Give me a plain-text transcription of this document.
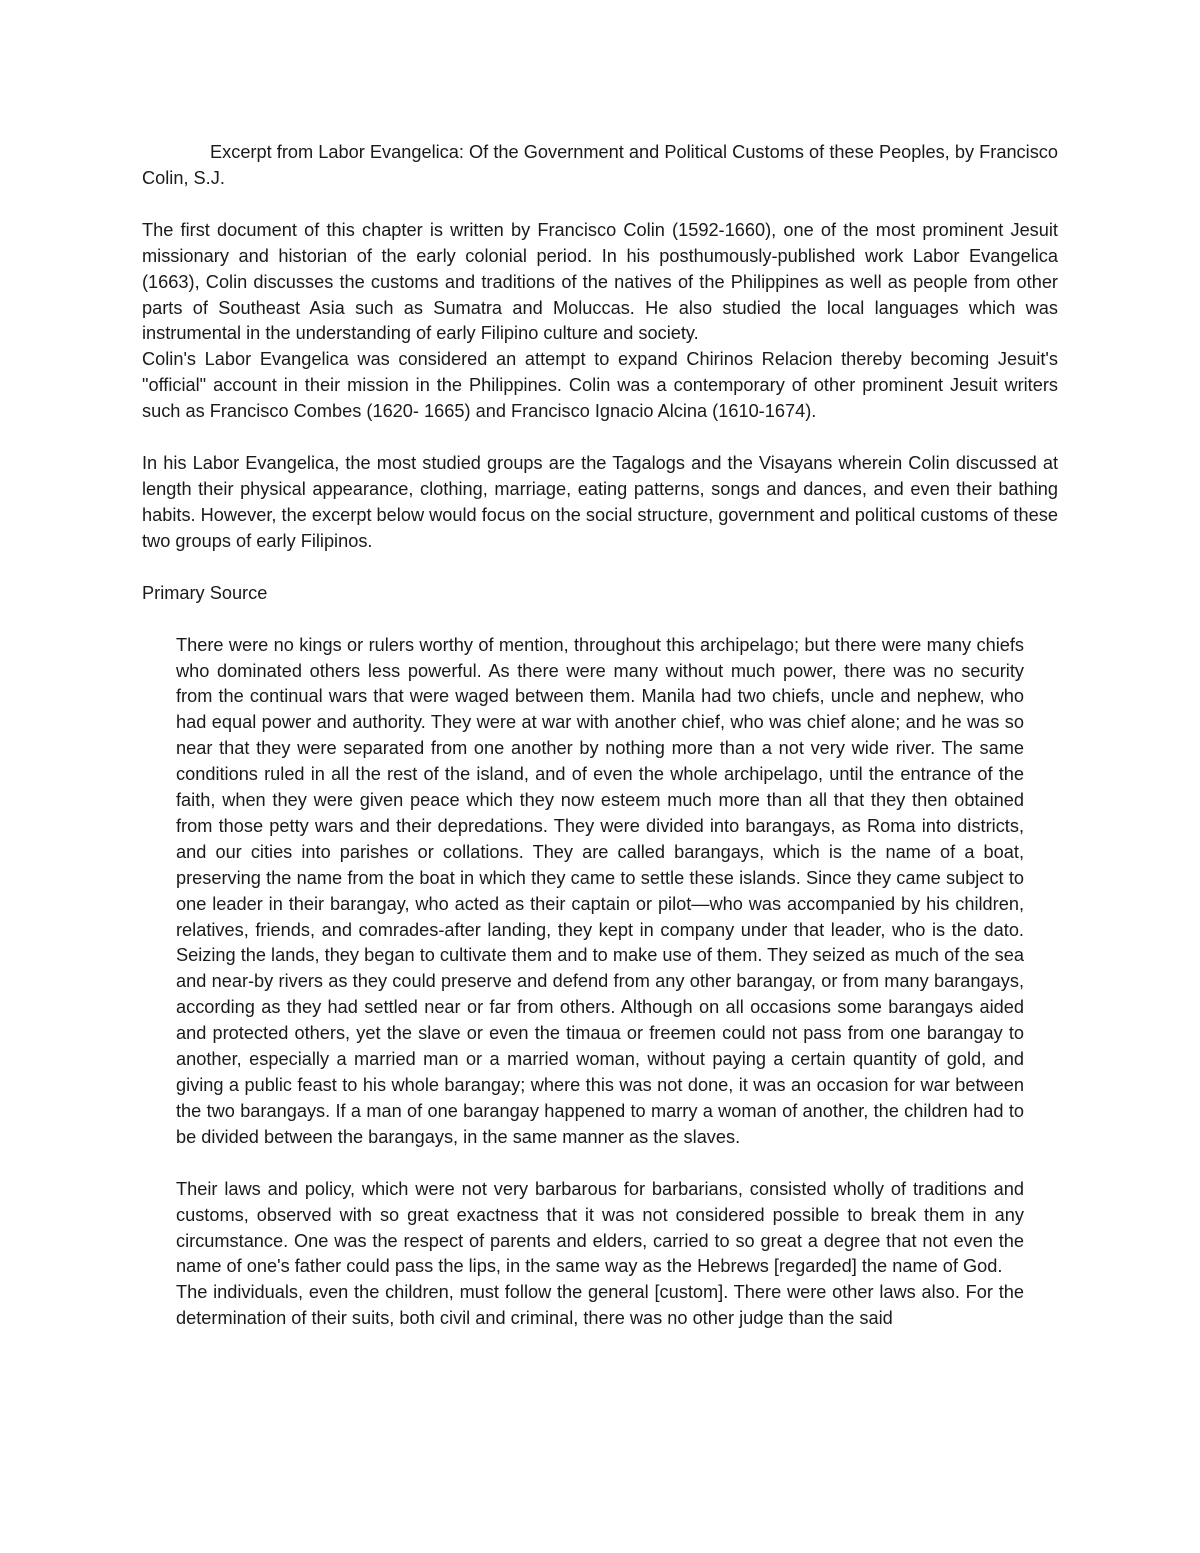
Excerpt from Labor Evangelica: Of the Government and Political Customs of these Peoples, by Francisco Colin, S.J.

The first document of this chapter is written by Francisco Colin (1592-1660), one of the most prominent Jesuit missionary and historian of the early colonial period. In his posthumously-published work Labor Evangelica (1663), Colin discusses the customs and traditions of the natives of the Philippines as well as people from other parts of Southeast Asia such as Sumatra and Moluccas. He also studied the local languages which was instrumental in the understanding of early Filipino culture and society.

Colin's Labor Evangelica was considered an attempt to expand Chirinos Relacion thereby becoming Jesuit's "official" account in their mission in the Philippines. Colin was a contemporary of other prominent Jesuit writers such as Francisco Combes (1620- 1665) and Francisco Ignacio Alcina (1610-1674).

In his Labor Evangelica, the most studied groups are the Tagalogs and the Visayans wherein Colin discussed at length their physical appearance, clothing, marriage, eating patterns, songs and dances, and even their bathing habits. However, the excerpt below would focus on the social structure, government and political customs of these two groups of early Filipinos.

Primary Source

There were no kings or rulers worthy of mention, throughout this archipelago; but there were many chiefs who dominated others less powerful. As there were many without much power, there was no security from the continual wars that were waged between them. Manila had two chiefs, uncle and nephew, who had equal power and authority. They were at war with another chief, who was chief alone; and he was so near that they were separated from one another by nothing more than a not very wide river. The same conditions ruled in all the rest of the island, and of even the whole archipelago, until the entrance of the faith, when they were given peace which they now esteem much more than all that they then obtained from those petty wars and their depredations. They were divided into barangays, as Roma into districts, and our cities into parishes or collations. They are called barangays, which is the name of a boat, preserving the name from the boat in which they came to settle these islands. Since they came subject to one leader in their barangay, who acted as their captain or pilot—who was accompanied by his children, relatives, friends, and comrades-after landing, they kept in company under that leader, who is the dato. Seizing the lands, they began to cultivate them and to make use of them. They seized as much of the sea and near-by rivers as they could preserve and defend from any other barangay, or from many barangays, according as they had settled near or far from others. Although on all occasions some barangays aided and protected others, yet the slave or even the timaua or freemen could not pass from one barangay to another, especially a married man or a married woman, without paying a certain quantity of gold, and giving a public feast to his whole barangay; where this was not done, it was an occasion for war between the two barangays. If a man of one barangay happened to marry a woman of another, the children had to be divided between the barangays, in the same manner as the slaves.

Their laws and policy, which were not very barbarous for barbarians, consisted wholly of traditions and customs, observed with so great exactness that it was not considered possible to break them in any circumstance. One was the respect of parents and elders, carried to so great a degree that not even the name of one's father could pass the lips, in the same way as the Hebrews [regarded] the name of God.

The individuals, even the children, must follow the general [custom]. There were other laws also. For the determination of their suits, both civil and criminal, there was no other judge than the said
